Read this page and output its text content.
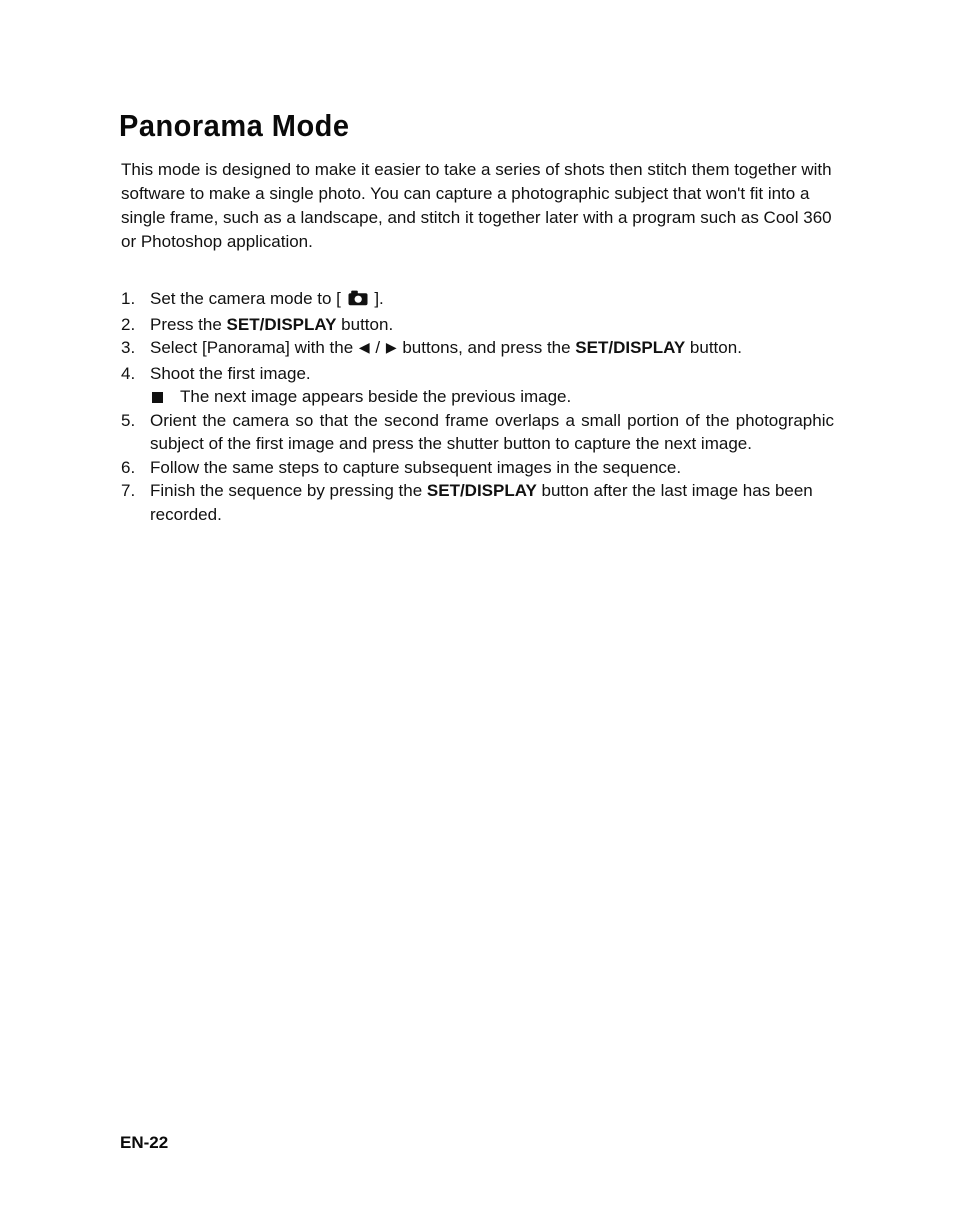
Panorama Mode

This mode is designed to make it easier to take a series of shots then stitch them together with software to make a single photo. You can capture a photographic subject that won't fit into a single frame, such as a landscape, and stitch it together later with a program such as Cool 360 or Photoshop application.

1. Set the camera mode to [  ].
2. Press the SET/DISPLAY button.
3. Select [Panorama] with the ◀ / ▶ buttons, and press the SET/DISPLAY button.
4. Shoot the first image.
The next image appears beside the previous image.
5. Orient the camera so that the second frame overlaps a small portion of the photographic subject of the first image and press the shutter button to capture the next image.
6. Follow the same steps to capture subsequent images in the sequence.
7. Finish the sequence by pressing the SET/DISPLAY button after the last image has been recorded.
EN-22
